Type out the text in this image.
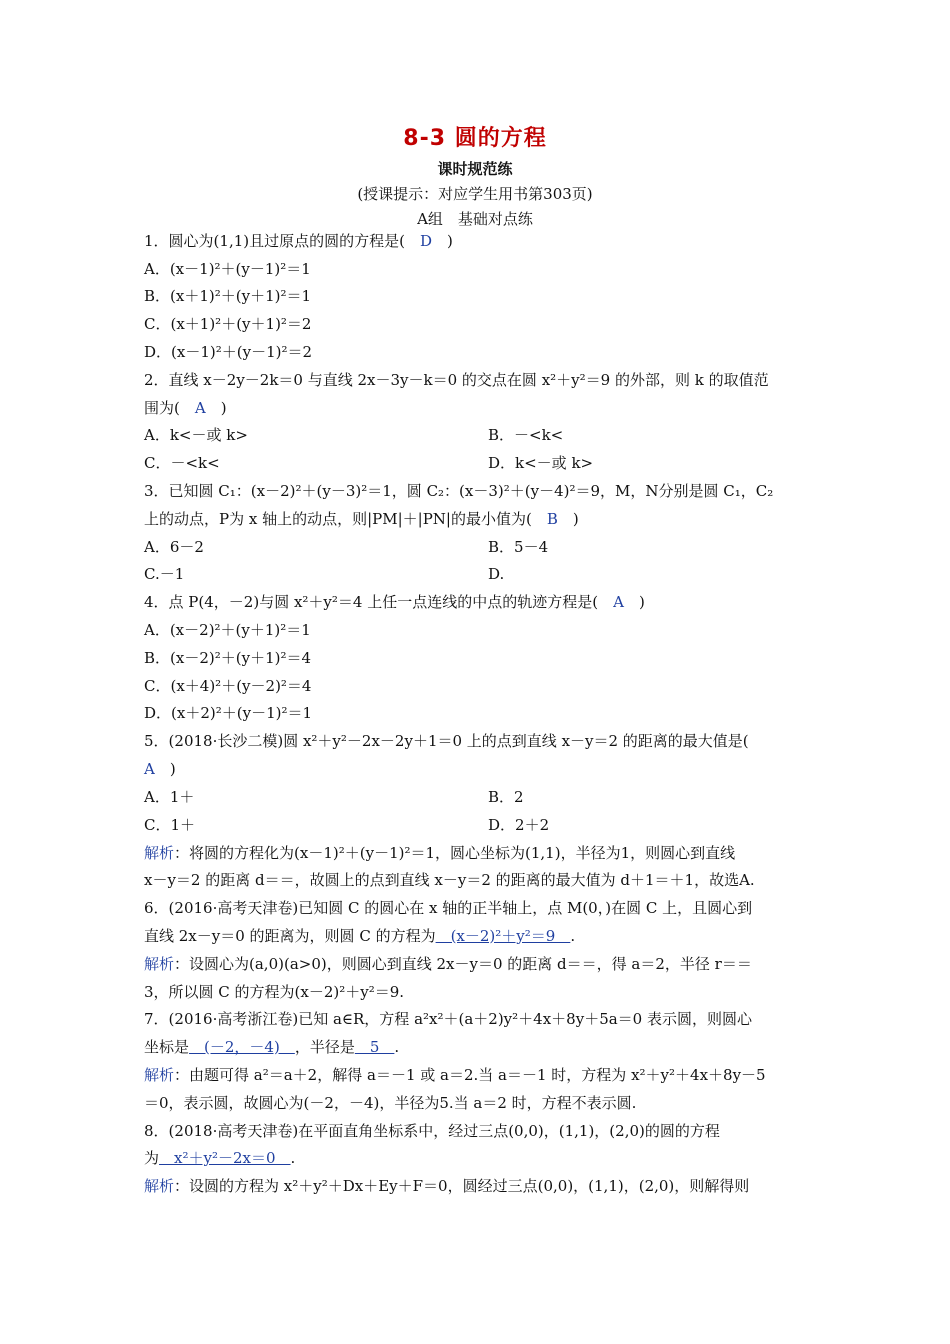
8-3 圆的方程
课时规范练
(授课提示：对应学生用书第303页)
A组　基础对点练
1．圆心为(1,1)且过原点的圆的方程是(　 D　 )
A．(x－1)²＋(y－1)²＝1
B．(x＋1)²＋(y＋1)²＝1
C．(x＋1)²＋(y＋1)²＝2
D．(x－1)²＋(y－1)²＝2
2．直线 x－2y－2k＝0 与直线 2x－3y－k＝0 的交点在圆 x²＋y²＝9 的外部，则 k 的取值范
围为(　 A　 )
A．k<－或 k>	B．－<k<
C．－<k<	D．k<－或 k>
3．已知圆 C₁：(x－2)²＋(y－3)²＝1，圆 C₂：(x－3)²＋(y－4)²＝9，M，N分别是圆 C₁，C₂
上的动点，P为 x 轴上的动点，则|PM|＋|PN|的最小值为(　 B　 )
A．6－2	B．5－4
C.－1	D.
4．点 P(4，－2)与圆 x²＋y²＝4 上任一点连线的中点的轨迹方程是(　 A　 )
A．(x－2)²＋(y＋1)²＝1
B．(x－2)²＋(y＋1)²＝4
C．(x＋4)²＋(y－2)²＝4
D．(x＋2)²＋(y－1)²＝1
5．(2018·长沙二模)圆 x²＋y²－2x－2y＋1＝0 上的点到直线 x－y＝2 的距离的最大值是(
A　 )
A．1＋	B．2
C．1＋	D．2＋2
解析：将圆的方程化为(x－1)²＋(y－1)²＝1，圆心坐标为(1,1)，半径为1，则圆心到直线
x－y＝2 的距离 d＝＝，故圆上的点到直线 x－y＝2 的距离的最大值为 d＋1＝＋1，故选A.
6．(2016·高考天津卷)已知圆 C 的圆心在 x 轴的正半轴上，点 M(0，)在圆 C 上，且圆心到
直线 2x－y＝0 的距离为，则圆 C 的方程为　(x－2)²＋y²＝9　.
解析：设圆心为(a,0)(a>0)，则圆心到直线 2x－y＝0 的距离 d＝＝，得 a＝2，半径 r＝＝
3，所以圆 C 的方程为(x－2)²＋y²＝9.
7．(2016·高考浙江卷)已知 a∈R，方程 a²x²＋(a＋2)y²＋4x＋8y＋5a＝0 表示圆，则圆心
坐标是　(－2，－4)　，半径是　5　.
解析：由题可得 a²＝a＋2，解得 a＝－1 或 a＝2.当 a＝－1 时，方程为 x²＋y²＋4x＋8y－5
＝0，表示圆，故圆心为(－2，－4)，半径为5.当 a＝2 时，方程不表示圆.
8．(2018·高考天津卷)在平面直角坐标系中，经过三点(0,0)，(1,1)，(2,0)的圆的方程
为　x²＋y²－2x＝0　.
解析：设圆的方程为 x²＋y²＋Dx＋Ey＋F＝0，圆经过三点(0,0)，(1,1)，(2,0)，则解得则
